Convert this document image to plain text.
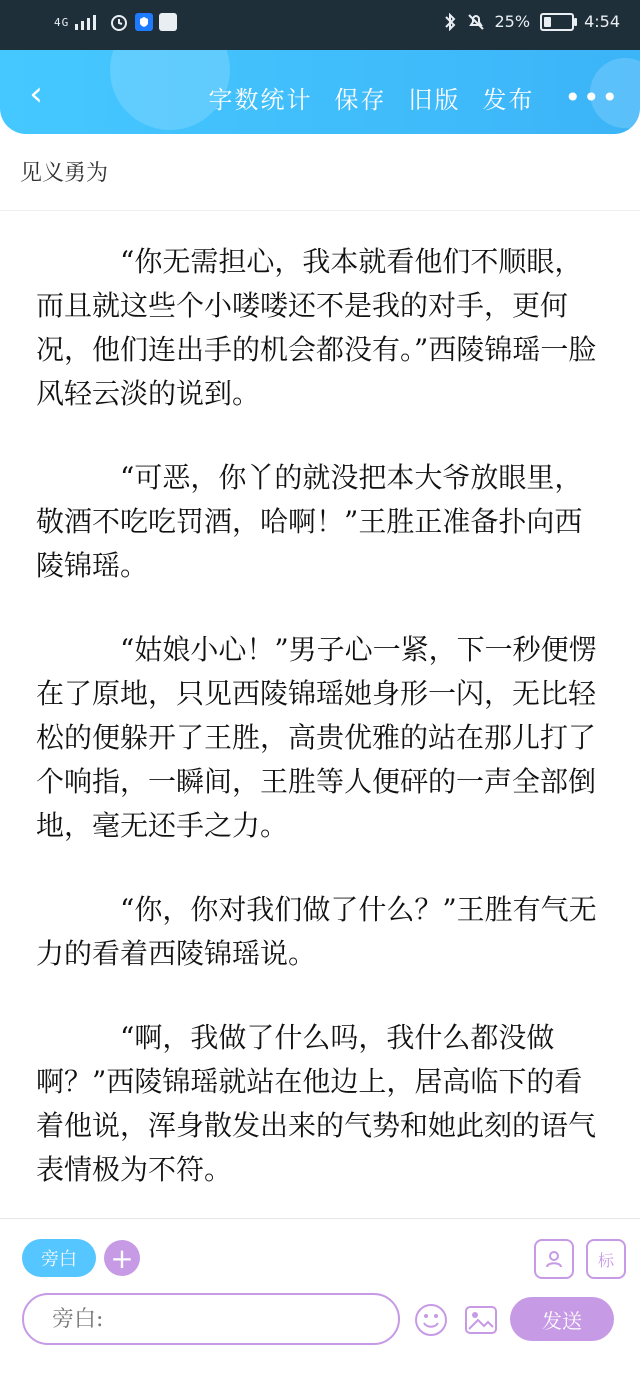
4G	25%	4:54
‹	字数统计 保存 旧版 发布 •••
见义勇为

“你无需担心，我本就看他们不顺眼，而且就这些个小喽喽还不是我的对手，更何况，他们连出手的机会都没有。”西陵锦瑶一脸风轻云淡的说到。

“可恶，你丫的就没把本大爷放眼里，敬酒不吃吃罚酒，哈啊！”王胜正准备扑向西陵锦瑶。

“姑娘小心！”男子心一紧，下一秒便愣在了原地，只见西陵锦瑶她身形一闪，无比轻松的便躲开了王胜，高贵优雅的站在那儿打了个响指，一瞬间，王胜等人便砰的一声全部倒地，毫无还手之力。

“你，你对我们做了什么？”王胜有气无力的看着西陵锦瑶说。

“啊，我做了什么吗，我什么都没做啊？”西陵锦瑶就站在他边上，居高临下的看着他说，浑身散发出来的气势和她此刻的语气表情极为不符。

旁白	+	标
旁白:
发送
